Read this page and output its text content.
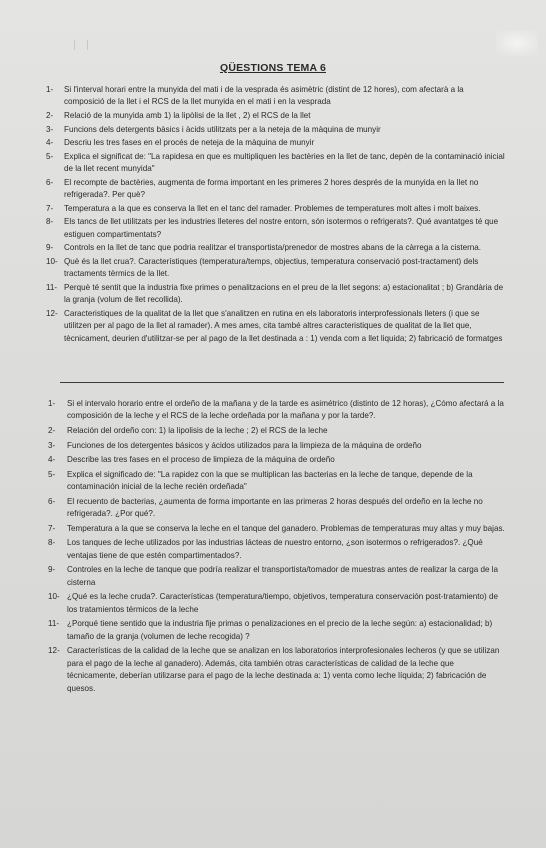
QÜESTIONS TEMA 6
1- Si l'interval horari entre la munyida del mati i de la vesprada és asimètric (distint de 12 hores), com afectarà a la composició de la llet i el RCS de la llet munyida en el mati i en la vesprada
2- Relació de la munyida amb 1) la lipòlisi de la llet , 2) el RCS de la llet
3- Funcions dels detergents bàsics i àcids utilitzats per a la neteja de la màquina de munyir
4- Descriu les tres fases en el procés de neteja de la màquina de munyir
5- Explica el significat de: "La rapidesa en que es multipliquen les bactèries en la llet de tanc, depèn de la contaminació inicial de la llet recent munyida"
6- El recompte de bactèries, augmenta de forma important en les primeres 2 hores després de la munyida en la llet no refrigerada?. Per què?
7- Temperatura a la que es conserva la llet en el tanc del ramader. Problemes de temperatures molt altes i molt baixes.
8- Els tancs de llet utilitzats per les industries lleteres del nostre entorn, són isotermos o refrigerats?. Qué avantatges té que estiguen compartimentats?
9- Controls en la llet de tanc que podria realitzar el transportista/prenedor de mostres abans de la càrrega a la cisterna.
10- Què és la llet crua?. Característiques (temperatura/temps, objectius, temperatura conservació post-tractament) dels tractaments tèrmics de la llet.
11- Perquè té sentit que la industria fixe primes o penalitzacions en el preu de la llet segons: a) estacionalitat ; b) Grandària de la granja (volum de llet recollida).
12- Caracteristiques de la qualitat de la llet que s'analitzen en rutina en els laboratoris interprofessionals lleters (i que se utilitzen per al pago de la llet al ramader). A mes ames, cita també altres caracteristiques de qualitat de la llet que, tècnicament, deurien d'utilitzar-se per al pago de la llet destinada a : 1) venda com a llet liquida; 2) fabricació de formatges
1- Si el intervalo horario entre el ordeño de la mañana y de la tarde es asimétrico (distinto de 12 horas), ¿Cómo afectará a la composición de la leche y el RCS de la leche ordeñada por la mañana y por la tarde?.
2- Relación del ordeño con: 1) la lipolisis de la leche ; 2) el RCS de la leche
3- Funciones de los detergentes básicos y ácidos utilizados para la limpieza de la máquina de ordeño
4- Describe las tres fases en el proceso de limpieza de la máquina de ordeño
5- Explica el significado de: "La rapidez con la que se multiplican las bacterias en la leche de tanque, depende de la contaminación inicial de la leche recién ordeñada"
6- El recuento de bacterias, ¿aumenta de forma importante en las primeras 2 horas después del ordeño en la leche no refrigerada?. ¿Por qué?.
7- Temperatura a la que se conserva la leche en el tanque del ganadero. Problemas de temperaturas muy altas y muy bajas.
8- Los tanques de leche utilizados por las industrias lácteas de nuestro entorno, ¿son isotermos o refrigerados?. ¿Qué ventajas tiene de que estén compartimentados?.
9- Controles en la leche de tanque que podría realizar el transportista/tomador de muestras antes de realizar la carga de la cisterna
10- ¿Qué es la leche cruda?. Características (temperatura/tiempo, objetivos, temperatura conservación post-tratamiento) de los tratamientos térmicos de la leche
11- ¿Porqué tiene sentido que la industria fije primas o penalizaciones en el precio de la leche según: a) estacionalidad; b) tamaño de la granja (volumen de leche recogida) ?
12- Características de la calidad de la leche que se analizan en los laboratorios interprofesionales lecheros (y que se utilizan para el pago de la leche al ganadero). Además, cita también otras características de calidad de la leche que técnicamente, deberían utilizarse para el pago de la leche destinada a: 1) venta como leche líquida; 2) fabricación de quesos.
